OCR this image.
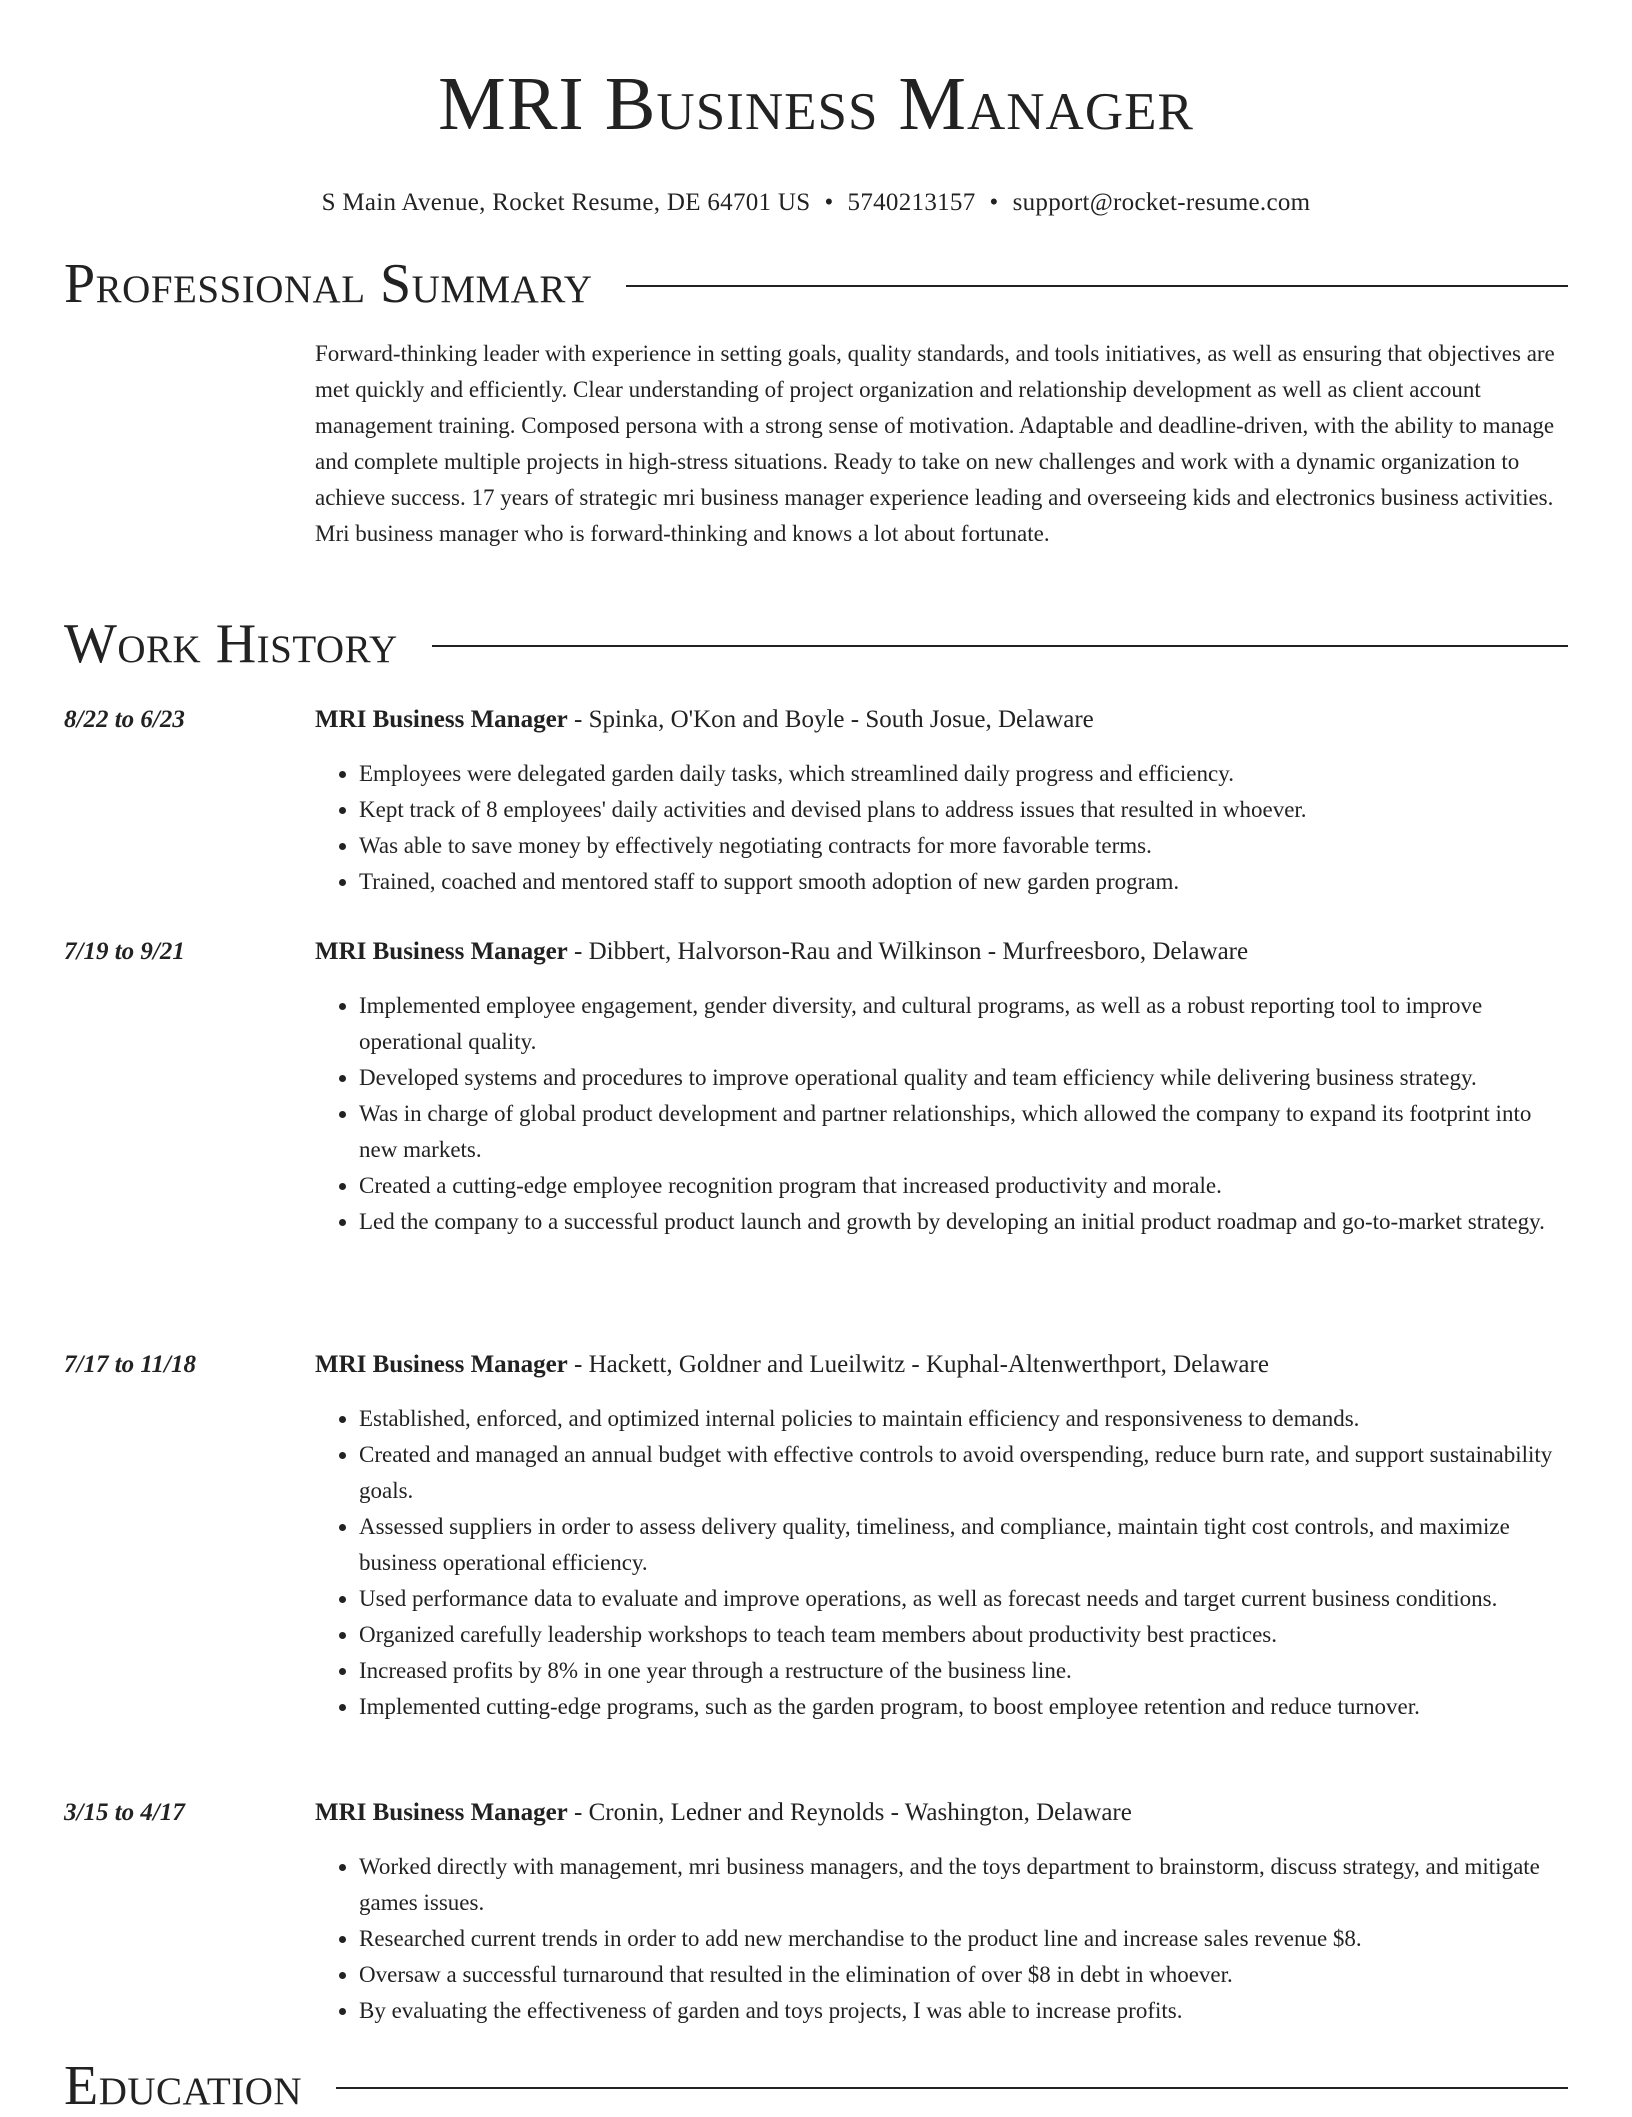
MRI Business Manager
S Main Avenue, Rocket Resume, DE 64701 US • 5740213157 • support@rocket-resume.com
Professional Summary

Forward-thinking leader with experience in setting goals, quality standards, and tools initiatives, as well as ensuring that objectives are met quickly and efficiently. Clear understanding of project organization and relationship development as well as client account management training. Composed persona with a strong sense of motivation. Adaptable and deadline-driven, with the ability to manage and complete multiple projects in high-stress situations. Ready to take on new challenges and work with a dynamic organization to achieve success. 17 years of strategic mri business manager experience leading and overseeing kids and electronics business activities. Mri business manager who is forward-thinking and knows a lot about fortunate.

Work History
8/22 to 6/23	MRI Business Manager - Spinka, O'Kon and Boyle - South Josue, Delaware
• Employees were delegated garden daily tasks, which streamlined daily progress and efficiency.
• Kept track of 8 employees' daily activities and devised plans to address issues that resulted in whoever.
• Was able to save money by effectively negotiating contracts for more favorable terms.
• Trained, coached and mentored staff to support smooth adoption of new garden program.
7/19 to 9/21	MRI Business Manager - Dibbert, Halvorson-Rau and Wilkinson - Murfreesboro, Delaware
• Implemented employee engagement, gender diversity, and cultural programs, as well as a robust reporting tool to improve operational quality.
• Developed systems and procedures to improve operational quality and team efficiency while delivering business strategy.
• Was in charge of global product development and partner relationships, which allowed the company to expand its footprint into new markets.
• Created a cutting-edge employee recognition program that increased productivity and morale.
• Led the company to a successful product launch and growth by developing an initial product roadmap and go-to-market strategy.
7/17 to 11/18	MRI Business Manager - Hackett, Goldner and Lueilwitz - Kuphal-Altenwerthport, Delaware
• Established, enforced, and optimized internal policies to maintain efficiency and responsiveness to demands.
• Created and managed an annual budget with effective controls to avoid overspending, reduce burn rate, and support sustainability goals.
• Assessed suppliers in order to assess delivery quality, timeliness, and compliance, maintain tight cost controls, and maximize business operational efficiency.
• Used performance data to evaluate and improve operations, as well as forecast needs and target current business conditions.
• Organized carefully leadership workshops to teach team members about productivity best practices.
• Increased profits by 8% in one year through a restructure of the business line.
• Implemented cutting-edge programs, such as the garden program, to boost employee retention and reduce turnover.
3/15 to 4/17	MRI Business Manager - Cronin, Ledner and Reynolds - Washington, Delaware
• Worked directly with management, mri business managers, and the toys department to brainstorm, discuss strategy, and mitigate games issues.
• Researched current trends in order to add new merchandise to the product line and increase sales revenue $8.
• Oversaw a successful turnaround that resulted in the elimination of over $8 in debt in whoever.
• By evaluating the effectiveness of garden and toys projects, I was able to increase profits.
Education
